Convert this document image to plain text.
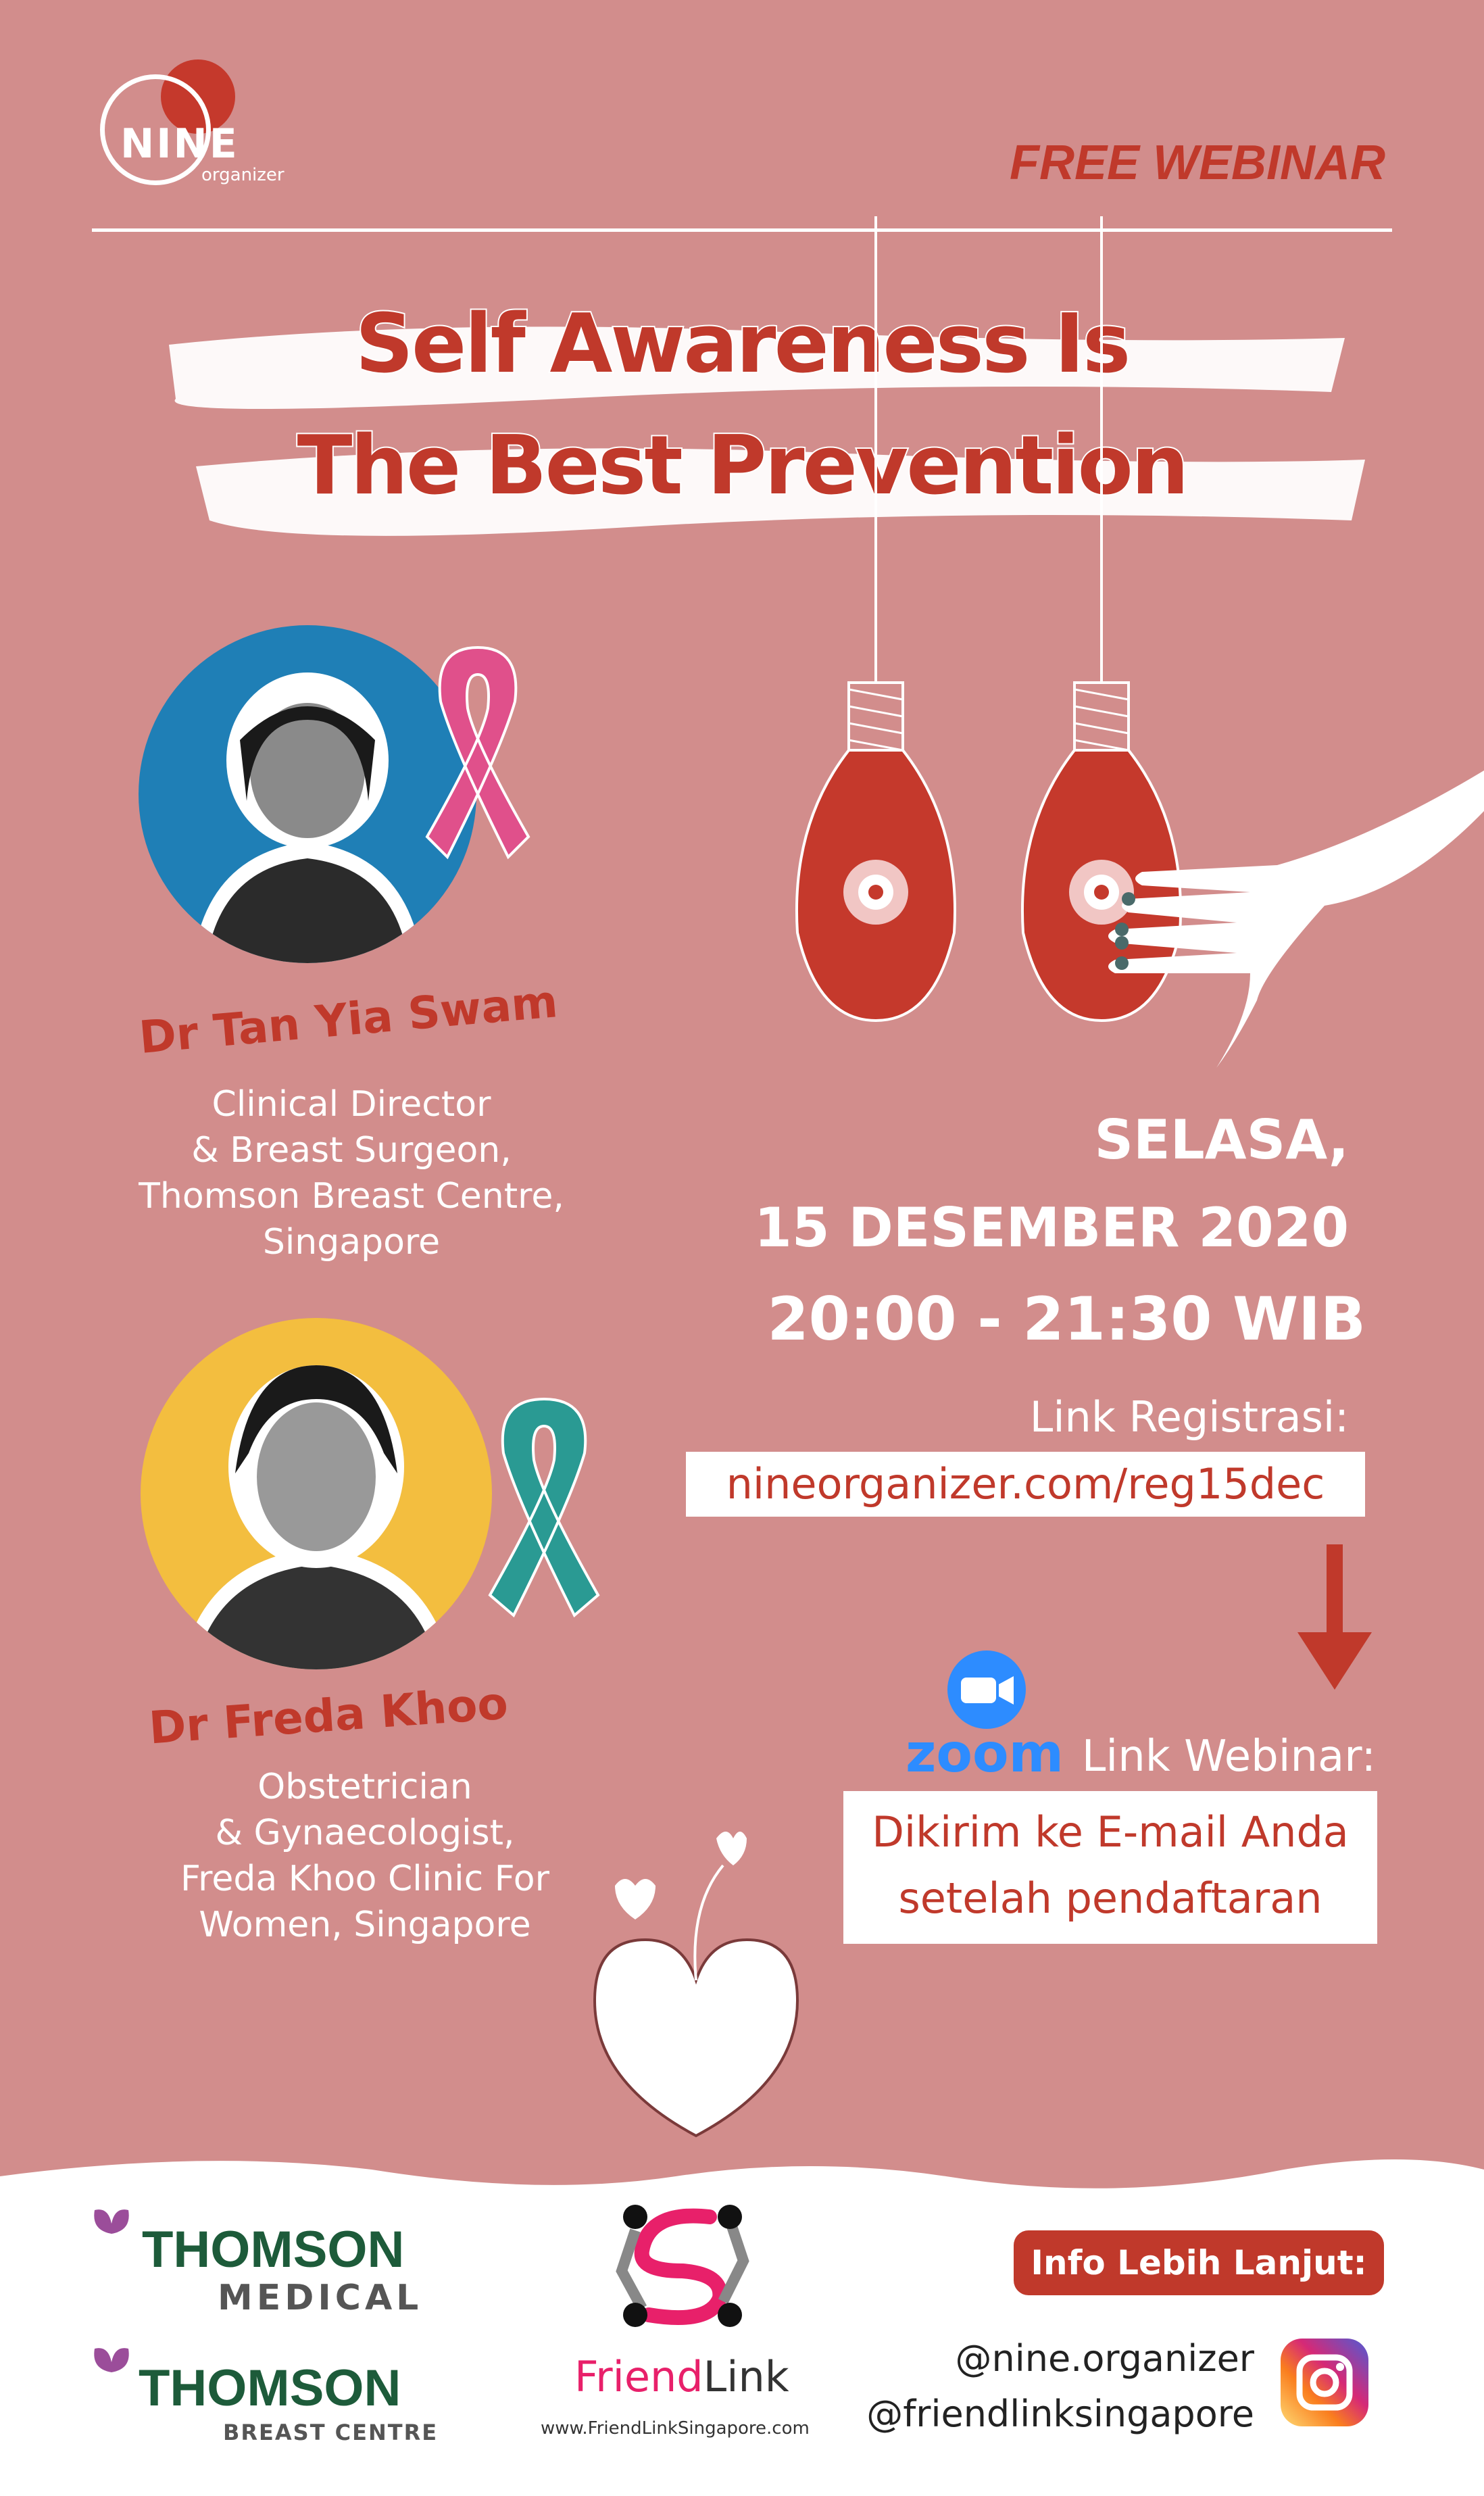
NINE
organizer	FREE WEBINAR
Self Awareness Is
The Best Prevention
Dr Tan Yia Swam
Clinical Director
& Breast Surgeon,
Thomson Breast Centre,
Singapore
Dr Freda Khoo
Obstetrician
& Gynaecologist,
Freda Khoo Clinic For
Women, Singapore
SELASA,
15 DESEMBER 2020
20:00 - 21:30 WIB
Link Registrasi:
nineorganizer.com/reg15dec
zoom Link Webinar:
Dikirim ke E-mail Anda
setelah pendaftaran
THOMSON
MEDICAL
THOMSON
BREAST CENTRE
FriendLink
www.FriendLinkSingapore.com
Info Lebih Lanjut:
@nine.organizer
@friendlinksingapore
